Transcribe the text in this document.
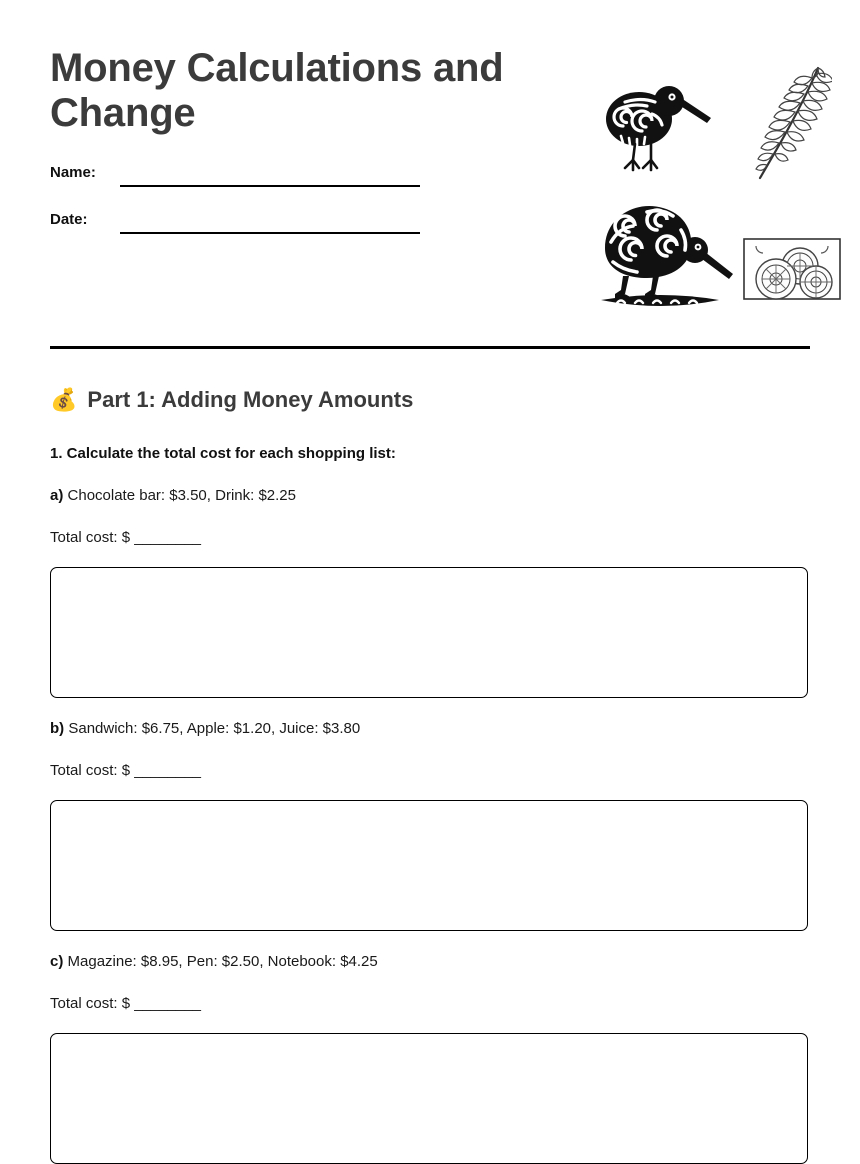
Money Calculations and Change
Name:
Date:
💰 Part 1: Adding Money Amounts
1. Calculate the total cost for each shopping list:
a) Chocolate bar: $3.50, Drink: $2.25
Total cost: $ ________
b) Sandwich: $6.75, Apple: $1.20, Juice: $3.80
Total cost: $ ________
c) Magazine: $8.95, Pen: $2.50, Notebook: $4.25
Total cost: $ ________
